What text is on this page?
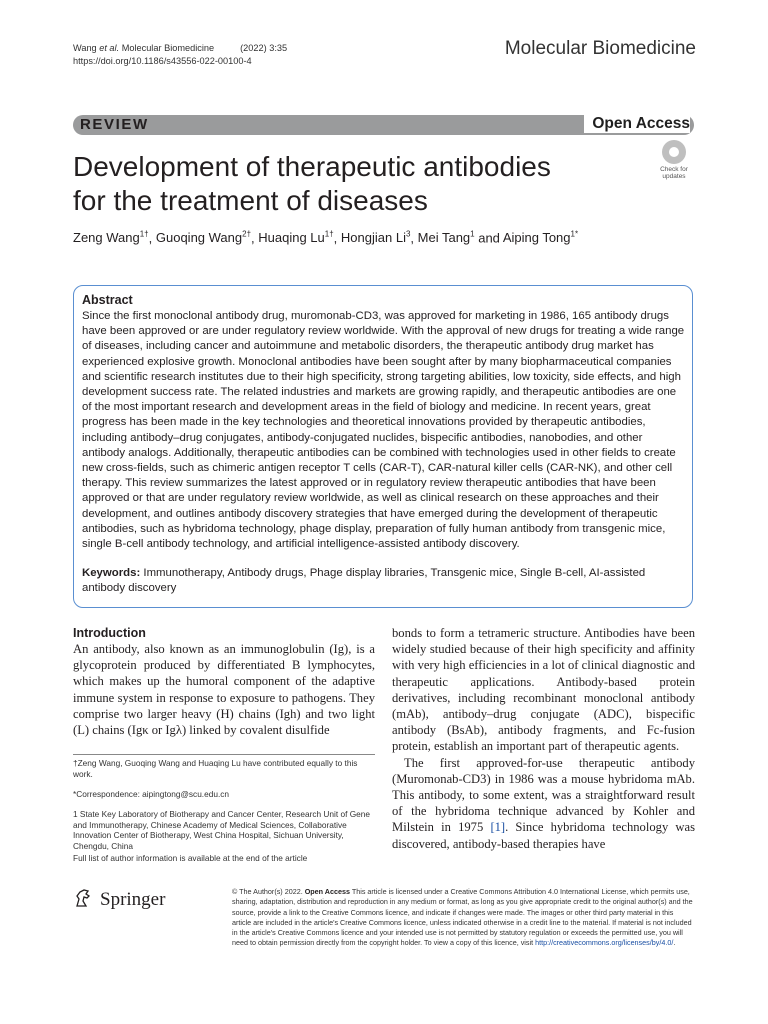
Wang et al. Molecular Biomedicine	(2022) 3:35
https://doi.org/10.1186/s43556-022-00100-4
Molecular Biomedicine
REVIEW	Open Access
Development of therapeutic antibodies
for the treatment of diseases
Check for
updates
Zeng Wang$^{1\dagger}$, Guoqing Wang$^{2\dagger}$, Huaqing $Lu^{1\dagger}$, Hongjian Li$^3$, Mei Tang$^1$ and Aiping Tong$^{1*}$
Abstract
Since the first monoclonal antibody drug, muromonab-CD3, was approved for marketing in 1986, 165 antibody drugs have been approved or are under regulatory review worldwide. With the approval of new drugs for treating a wide range of diseases, including cancer and autoimmune and metabolic disorders, the therapeutic antibody drug market has experienced explosive growth. Monoclonal antibodies have been sought after by many biopharmaceutical companies and scientific research institutes due to their high specificity, strong targeting abilities, low toxicity, side effects, and high development success rate. The related industries and markets are growing rapidly, and therapeutic antibodies are one of the most important research and development areas in the field of biology and medicine. In recent years, great progress has been made in the key technologies and theoretical innovations provided by therapeutic antibodies, including antibody–drug conjugates, antibody-conjugated nuclides, bispecific antibodies, nanobodies, and other antibody analogs. Additionally, therapeutic antibodies can be combined with technologies used in other fields to create new cross-fields, such as chimeric antigen receptor T cells (CAR-T), CAR-natural killer cells (CAR-NK), and other cell therapy. This review summarizes the latest approved or in regulatory review therapeutic antibodies that have been approved or that are under regulatory review worldwide, as well as clinical research on these approaches and their development, and outlines antibody discovery strategies that have emerged during the development of therapeutic antibodies, such as hybridoma technology, phage display, preparation of fully human antibody from transgenic mice, single B-cell antibody technology, and artificial intelligence-assisted antibody discovery.
Keywords: Immunotherapy, Antibody drugs, Phage display libraries, Transgenic mice, Single B-cell, AI-assisted antibody discovery
Introduction
An antibody, also known as an immunoglobulin (Ig), is a glycoprotein produced by differentiated B lymphocytes, which makes up the humoral component of the adaptive immune system in response to exposure to pathogens. They comprise two larger heavy (H) chains (Igh) and two light (L) chains (Igκ or Igλ) linked by covalent disulfide
bonds to form a tetrameric structure. Antibodies have been widely studied because of their high specificity and affinity with very high efficiencies in a lot of clinical diagnostic and therapeutic applications. Antibody-based protein derivatives, including recombinant monoclonal antibody (mAb), antibody–drug conjugate (ADC), bispecific antibody (BsAb), antibody fragments, and Fc-fusion protein, establish an important part of therapeutic agents.
The first approved-for-use therapeutic antibody (Muromonab-CD3) in 1986 was a mouse hybridoma mAb. This antibody, to some extent, was a straightforward result of the hybridoma technique advanced by Kohler and Milstein in 1975 [1]. Since hybridoma technology was discovered, antibody-based therapies have
†Zeng Wang, Guoqing Wang and Huaqing Lu have contributed equally to this work.
*Correspondence: aipingtong@scu.edu.cn
1 State Key Laboratory of Biotherapy and Cancer Center, Research Unit of Gene and Immunotherapy, Chinese Academy of Medical Sciences, Collaborative Innovation Center of Biotherapy, West China Hospital, Sichuan University, Chengdu, China
Full list of author information is available at the end of the article
Springer	© The Author(s) 2022. Open Access This article is licensed under a Creative Commons Attribution 4.0 International License, which permits use, sharing, adaptation, distribution and reproduction in any medium or format, as long as you give appropriate credit to the original author(s) and the source, provide a link to the Creative Commons licence, and indicate if changes were made. The images or other third party material in this article are included in the article's Creative Commons licence, unless indicated otherwise in a credit line to the material. If material is not included in the article's Creative Commons licence and your intended use is not permitted by statutory regulation or exceeds the permitted use, you will need to obtain permission directly from the copyright holder. To view a copy of this licence, visit http://creativecommons.org/licenses/by/4.0/.
